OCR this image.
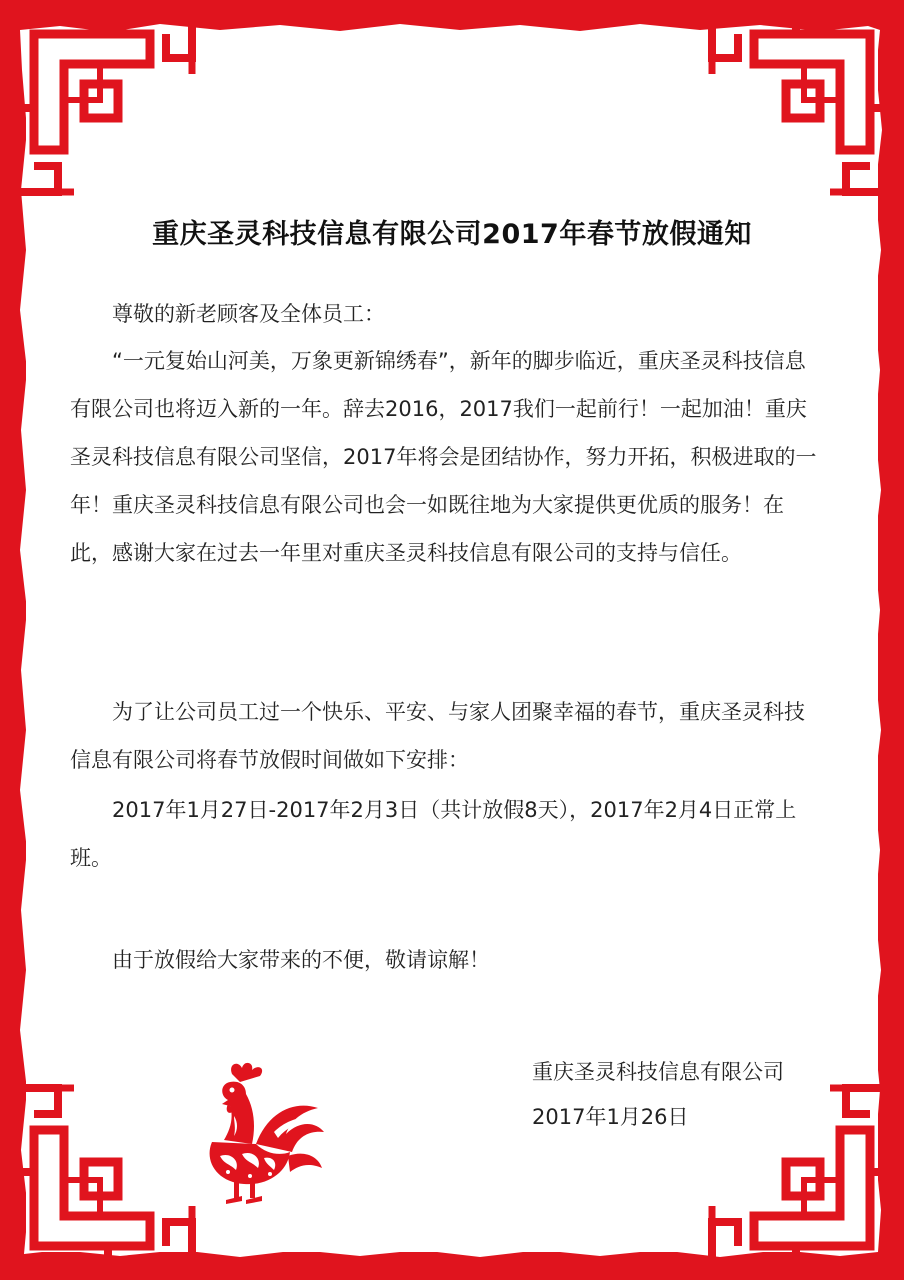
重庆圣灵科技信息有限公司2017年春节放假通知

尊敬的新老顾客及全体员工：

“一元复始山河美，万象更新锦绣春”，新年的脚步临近，重庆圣灵科技信息有限公司也将迈入新的一年。辞去2016，2017我们一起前行！一起加油！重庆圣灵科技信息有限公司坚信，2017年将会是团结协作，努力开拓，积极进取的一年！重庆圣灵科技信息有限公司也会一如既往地为大家提供更优质的服务！在此，感谢大家在过去一年里对重庆圣灵科技信息有限公司的支持与信任。

为了让公司员工过一个快乐、平安、与家人团聚幸福的春节，重庆圣灵科技信息有限公司将春节放假时间做如下安排：

2017年1月27日-2017年2月3日（共计放假8天），2017年2月4日正常上班。

由于放假给大家带来的不便，敬请谅解！

重庆圣灵科技信息有限公司
2017年1月26日
